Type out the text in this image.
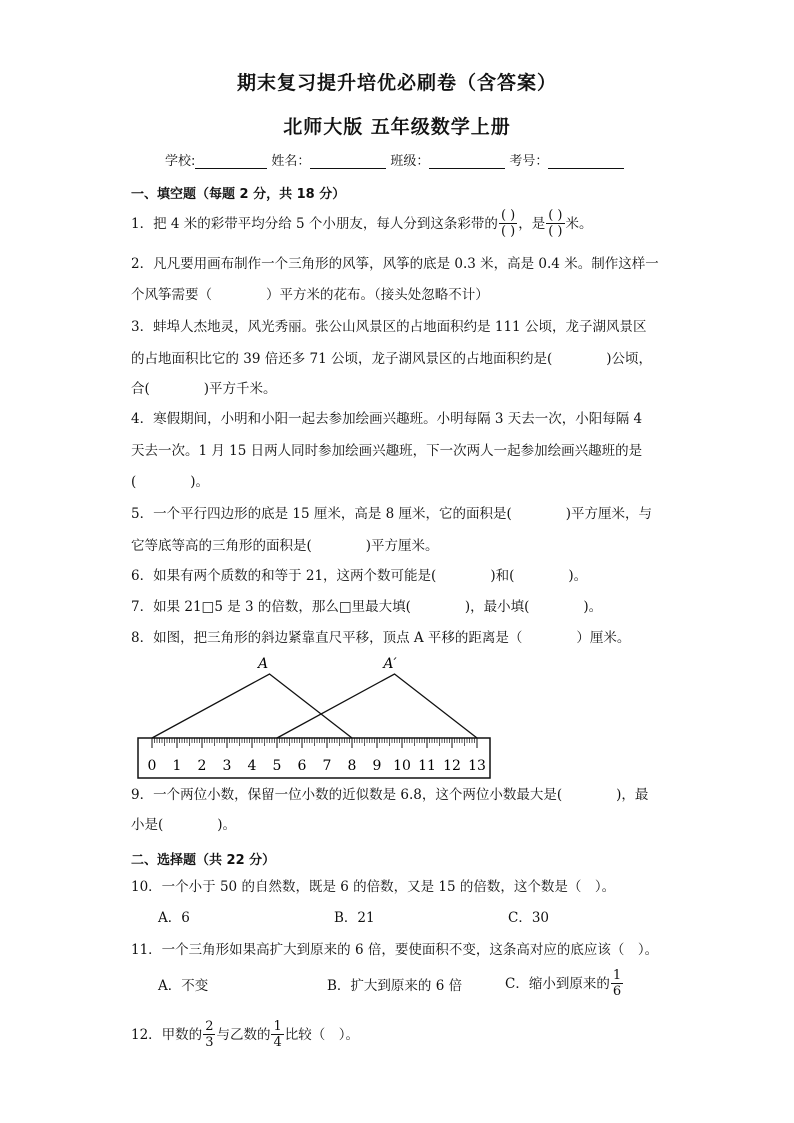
期末复习提升培优必刷卷（含答案）
北师大版 五年级数学上册
学校:	姓名：	班级：	考号：
一、填空题（每题 2 分，共 18 分）
1．把 4 米的彩带平均分给 5 个小朋友，每人分到这条彩带的 $\frac{( )}{( )}$ ，是 $\frac{( )}{( )}$ 米。
2．凡凡要用画布制作一个三角形的风筝，风筝的底是 0.3 米，高是 0.4 米。制作这样一
个风筝需要（　　　　）平方米的花布。（接头处忽略不计）
3．蚌埠人杰地灵，风光秀丽。张公山风景区的占地面积约是 111 公顷，龙子湖风景区
的占地面积比它的 39 倍还多 71 公顷，龙子湖风景区的占地面积约是(　　　　)公顷，
合(　　　　)平方千米。
4．寒假期间，小明和小阳一起去参加绘画兴趣班。小明每隔 3 天去一次，小阳每隔 4
天去一次。1 月 15 日两人同时参加绘画兴趣班，下一次两人一起参加绘画兴趣班的是
(　　　　)。
5．一个平行四边形的底是 15 厘米，高是 8 厘米，它的面积是(　　　　)平方厘米，与
它等底等高的三角形的面积是(　　　　)平方厘米。
6．如果有两个质数的和等于 21，这两个数可能是(　　　　)和(　　　　)。
7．如果 21□5 是 3 的倍数，那么□里最大填(　　　　)，最小填(　　　　)。
8．如图，把三角形的斜边紧靠直尺平移，顶点 A 平移的距离是（　　　　）厘米。
0 1 2 3 4 5 6 7 8 9 10 11 12 13
A	A′
9．一个两位小数，保留一位小数的近似数是 6.8，这个两位小数最大是(　　　　)，最
小是(　　　　)。
二、选择题（共 22 分）
10．一个小于 50 的自然数，既是 6 的倍数，又是 15 的倍数，这个数是（　）。
A．6	B．21	C．30
11．一个三角形如果高扩大到原来的 6 倍，要使面积不变，这条高对应的底应该（　）。
A．不变	B．扩大到原来的 6 倍	C．缩小到原来的 $\frac{1}{6}$
12．甲数的 $\frac{2}{3}$ 与乙数的 $\frac{1}{4}$ 比较（　）。
